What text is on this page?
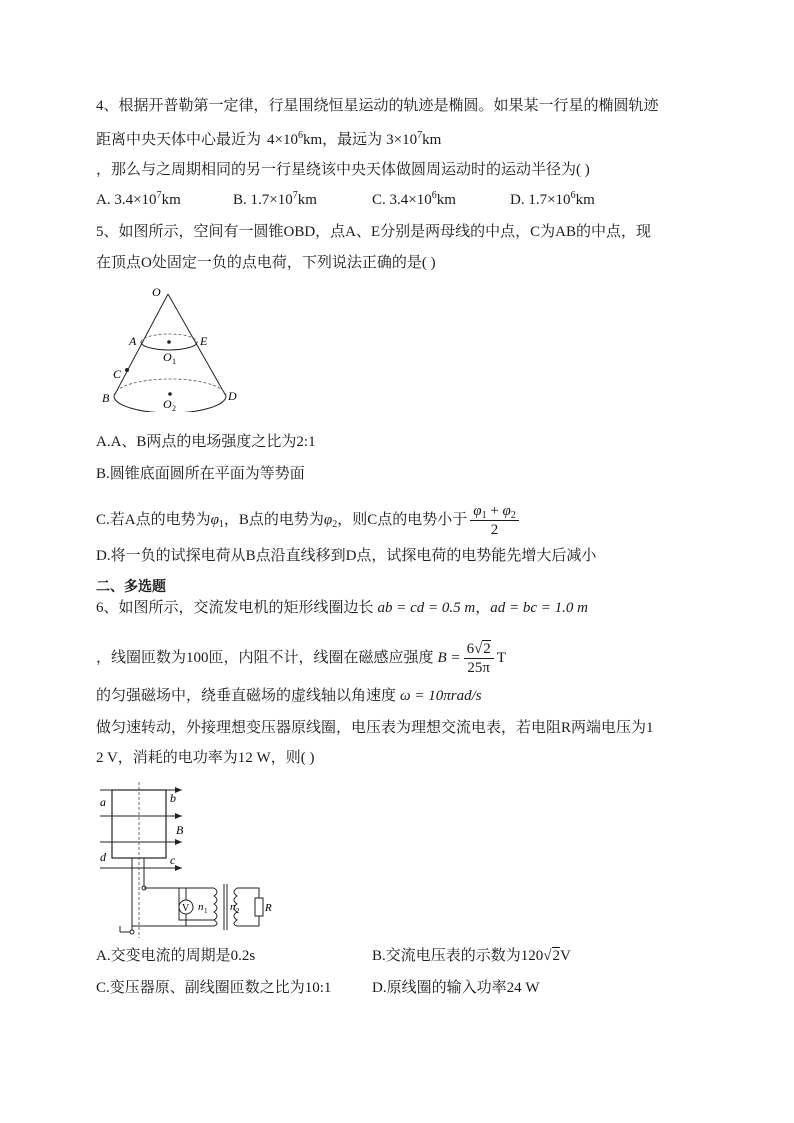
4、根据开普勒第一定律，行星围绕恒星运动的轨迹是椭圆。如果某一行星的椭圆轨迹
距离中央天体中心最近为 $4\times 10^6km$，最远为 $3\times 10^7km$
，那么与之周期相同的另一行星绕该中央天体做圆周运动时的运动半径为( )
A. $3.4\times 10^7km$	B. $1.7\times 10^7km$	C. $3.4\times 10^6km$	D. $1.7\times 10^6km$
5、如图所示，空间有一圆锥OBD，点A、E分别是两母线的中点，C为AB的中点，现
在顶点O处固定一负的点电荷，下列说法正确的是( )
O
A	E
O 1
C
B	D
O 2
A.A、B两点的电场强度之比为2:1
B.圆锥底面圆所在平面为等势面
C.若A点的电势为$\varphi_1$，B点的电势为$\varphi_2$，则C点的电势小于 $\frac{\varphi_1 + \varphi_2}{2}$
D.将一负的试探电荷从B点沿直线移到D点，试探电荷的电势能先增大后减小
二、多选题
6、如图所示，交流发电机的矩形线圈边长 ab = cd = 0.5 m，ad = bc = 1.0 m
，线圈匝数为100匝，内阻不计，线圈在磁感应强度 $B = \frac{6√2}{25\pi}$ T
的匀强磁场中，绕垂直磁场的虚线轴以角速度 ω = 10πrad/s
做匀速转动，外接理想变压器原线圈，电压表为理想交流电表，若电阻R两端电压为1
2 V，消耗的电功率为12 W，则( )
V
a	b
B
d	c
n 1 n 2 R
A.交变电流的周期是0.2s	B.交流电压表的示数为120√2V
C.变压器原、副线圈匝数之比为10:1	D.原线圈的输入功率24 W
